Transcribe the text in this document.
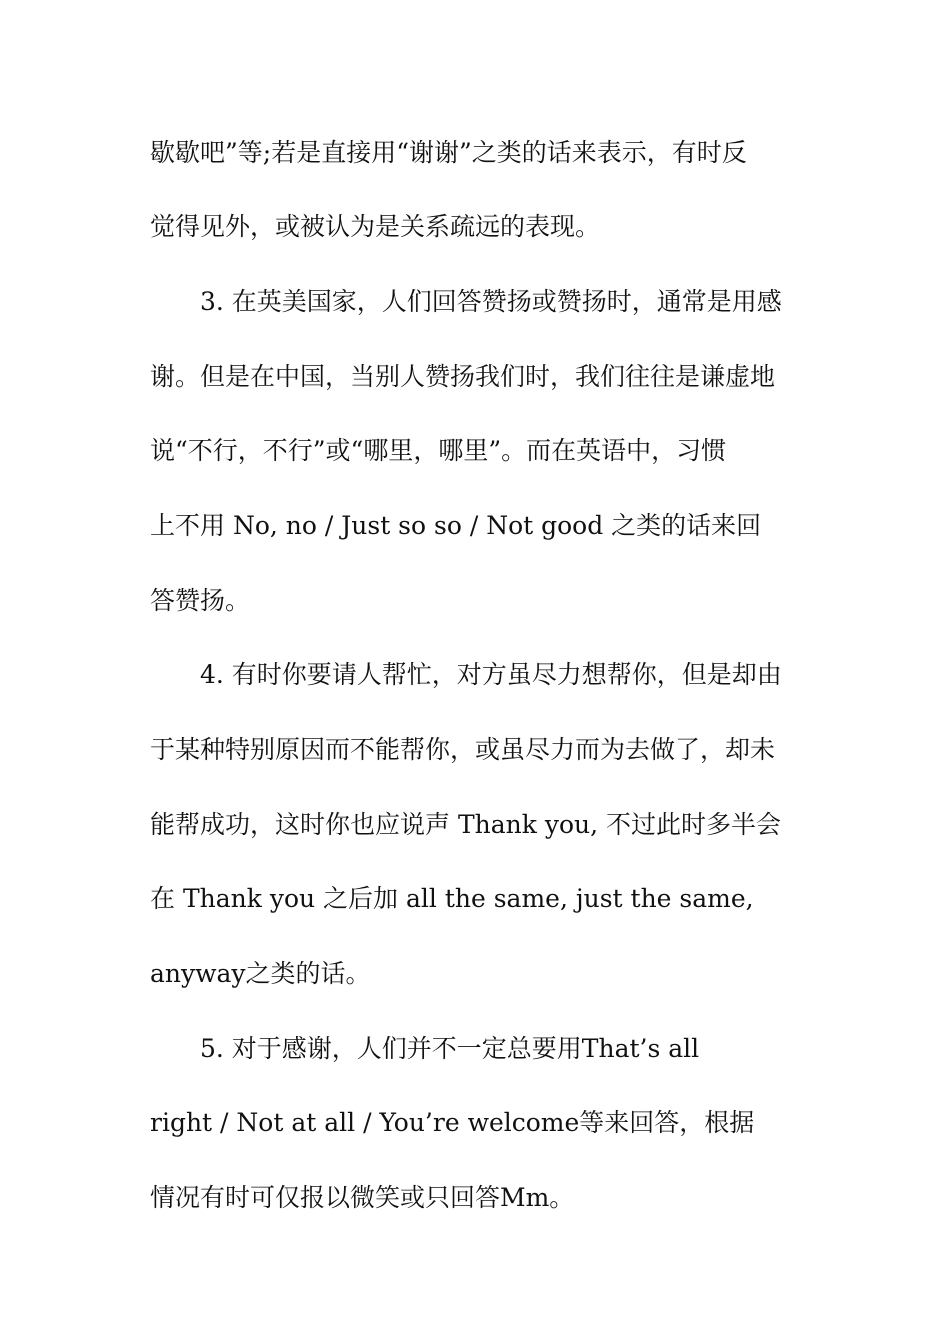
歇歇吧”等;若是直接用“谢谢”之类的话来表示，有时反
觉得见外，或被认为是关系疏远的表现。
3. 在英美国家，人们回答赞扬或赞扬时，通常是用感
谢。但是在中国，当别人赞扬我们时，我们往往是谦虚地
说“不行，不行”或“哪里，哪里”。而在英语中，习惯
上不用 No, no / Just so so / Not good 之类的话来回
答赞扬。
4. 有时你要请人帮忙，对方虽尽力想帮你，但是却由
于某种特别原因而不能帮你，或虽尽力而为去做了，却未
能帮成功，这时你也应说声 Thank you, 不过此时多半会
在 Thank you 之后加 all the same, just the same,
anyway之类的话。
5. 对于感谢，人们并不一定总要用That’s all
right / Not at all / You’re welcome等来回答，根据
情况有时可仅报以微笑或只回答Mm。
